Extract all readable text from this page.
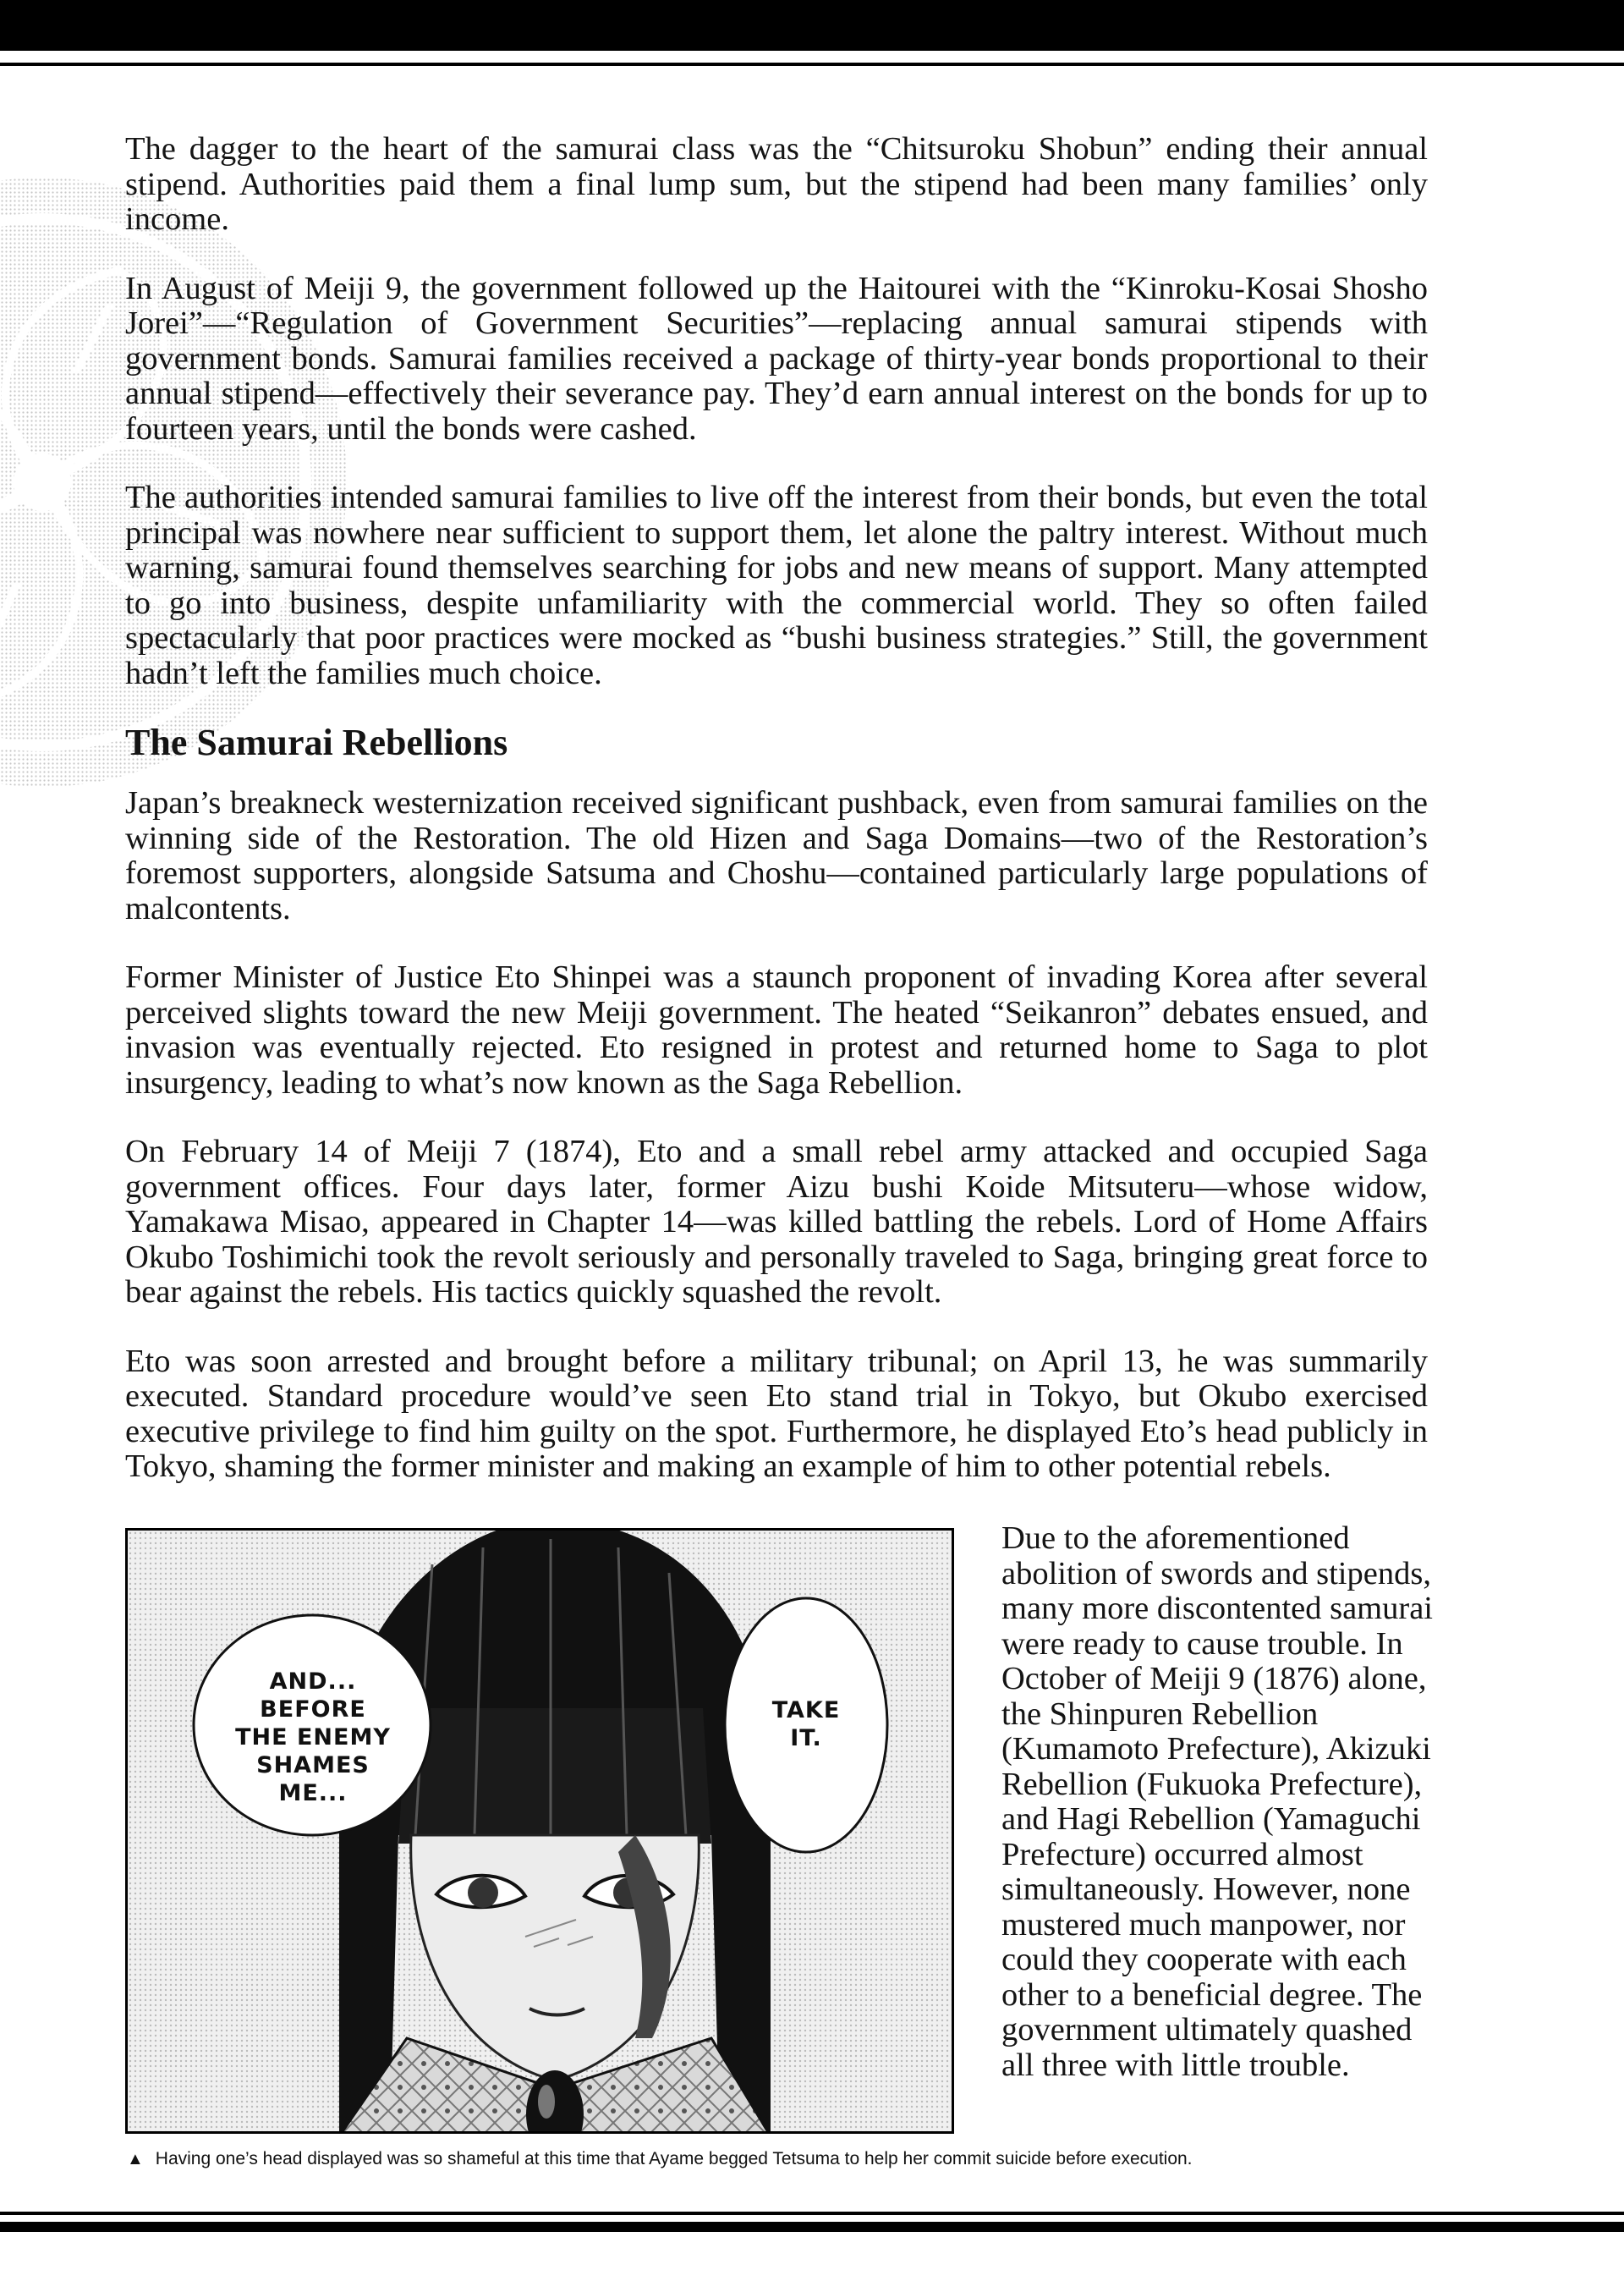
The dagger to the heart of the samurai class was the “Chitsuroku Shobun” ending their annual stipend. Authorities paid them a final lump sum, but the stipend had been many families’ only income.

In August of Meiji 9, the government followed up the Haitourei with the “Kinroku-Kosai Shosho Jorei”—“Regulation of Government Securities”—replacing annual samurai stipends with government bonds. Samurai families received a package of thirty-year bonds proportional to their annual stipend—effectively their severance pay. They’d earn annual interest on the bonds for up to fourteen years, until the bonds were cashed.

The authorities intended samurai families to live off the interest from their bonds, but even the total principal was nowhere near sufficient to support them, let alone the paltry interest. Without much warning, samurai found themselves searching for jobs and new means of support. Many attempted to go into business, despite unfamiliarity with the commercial world. They so often failed spectacularly that poor practices were mocked as “bushi business strategies.” Still, the government hadn’t left the families much choice.

The Samurai Rebellions

Japan’s breakneck westernization received significant pushback, even from samurai families on the winning side of the Restoration. The old Hizen and Saga Domains—two of the Restoration’s foremost supporters, alongside Satsuma and Choshu—contained particularly large populations of malcontents.

Former Minister of Justice Eto Shinpei was a staunch proponent of invading Korea after several perceived slights toward the new Meiji government. The heated “Seikanron” debates ensued, and invasion was eventually rejected. Eto resigned in protest and returned home to Saga to plot insurgency, leading to what’s now known as the Saga Rebellion.

On February 14 of Meiji 7 (1874), Eto and a small rebel army attacked and occupied Saga government offices. Four days later, former Aizu bushi Koide Mitsuteru—whose widow, Yamakawa Misao, appeared in Chapter 14—was killed battling the rebels. Lord of Home Affairs Okubo Toshimichi took the revolt seriously and personally traveled to Saga, bringing great force to bear against the rebels. His tactics quickly squashed the revolt.

Eto was soon arrested and brought before a military tribunal; on April 13, he was summarily executed. Standard procedure would’ve seen Eto stand trial in Tokyo, but Okubo exercised executive privilege to find him guilty on the spot. Furthermore, he displayed Eto’s head publicly in Tokyo, shaming the former minister and making an example of him to other potential rebels.

AND... BEFORE THE ENEMY SHAMES ME...
TAKE IT.

Due to the aforementioned abolition of swords and stipends, many more discontented samurai were ready to cause trouble. In October of Meiji 9 (1876) alone, the Shinpuren Rebellion (Kumamoto Prefecture), Akizuki Rebellion (Fukuoka Prefecture), and Hagi Rebellion (Yamaguchi Prefecture) occurred almost simultaneously. However, none mustered much manpower, nor could they cooperate with each other to a beneficial degree. The government ultimately quashed all three with little trouble.

▲ Having one’s head displayed was so shameful at this time that Ayame begged Tetsuma to help her commit suicide before execution.
